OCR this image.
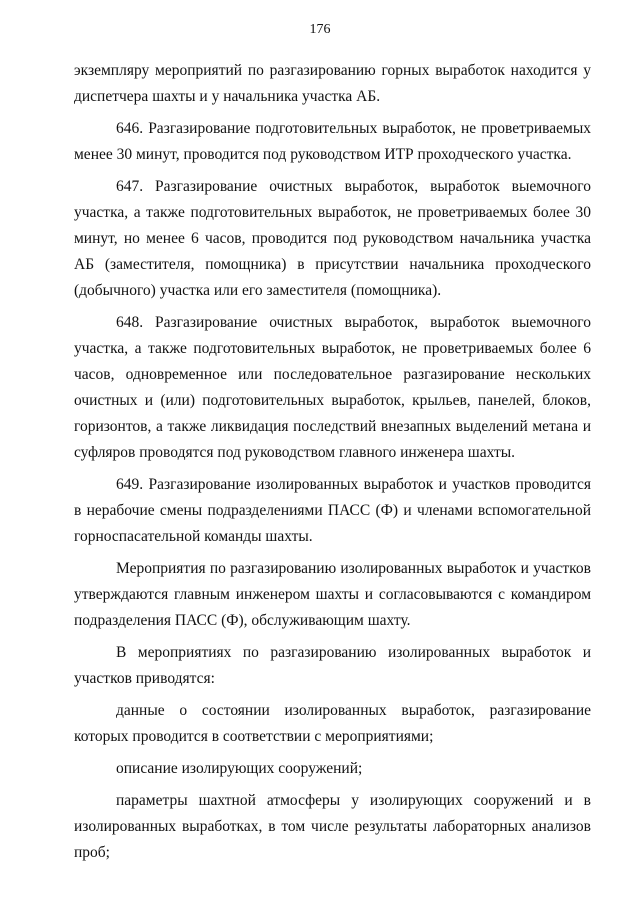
176

экземпляру мероприятий по разгазированию горных выработок находится у диспетчера шахты и у начальника участка АБ.

646. Разгазирование подготовительных выработок, не проветриваемых менее 30 минут, проводится под руководством ИТР проходческого участка.

647. Разгазирование очистных выработок, выработок выемочного участка, а также подготовительных выработок, не проветриваемых более 30 минут, но менее 6 часов, проводится под руководством начальника участка АБ (заместителя, помощника) в присутствии начальника проходческого (добычного) участка или его заместителя (помощника).

648. Разгазирование очистных выработок, выработок выемочного участка, а также подготовительных выработок, не проветриваемых более 6 часов, одновременное или последовательное разгазирование нескольких очистных и (или) подготовительных выработок, крыльев, панелей, блоков, горизонтов, а также ликвидация последствий внезапных выделений метана и суфляров проводятся под руководством главного инженера шахты.

649. Разгазирование изолированных выработок и участков проводится в нерабочие смены подразделениями ПАСС (Ф) и членами вспомогательной горноспасательной команды шахты.

Мероприятия по разгазированию изолированных выработок и участков утверждаются главным инженером шахты и согласовываются с командиром подразделения ПАСС (Ф), обслуживающим шахту.

В мероприятиях по разгазированию изолированных выработок и участков приводятся:

данные о состоянии изолированных выработок, разгазирование которых проводится в соответствии с мероприятиями;

описание изолирующих сооружений;

параметры шахтной атмосферы у изолирующих сооружений и в изолированных выработках, в том числе результаты лабораторных анализов проб;
